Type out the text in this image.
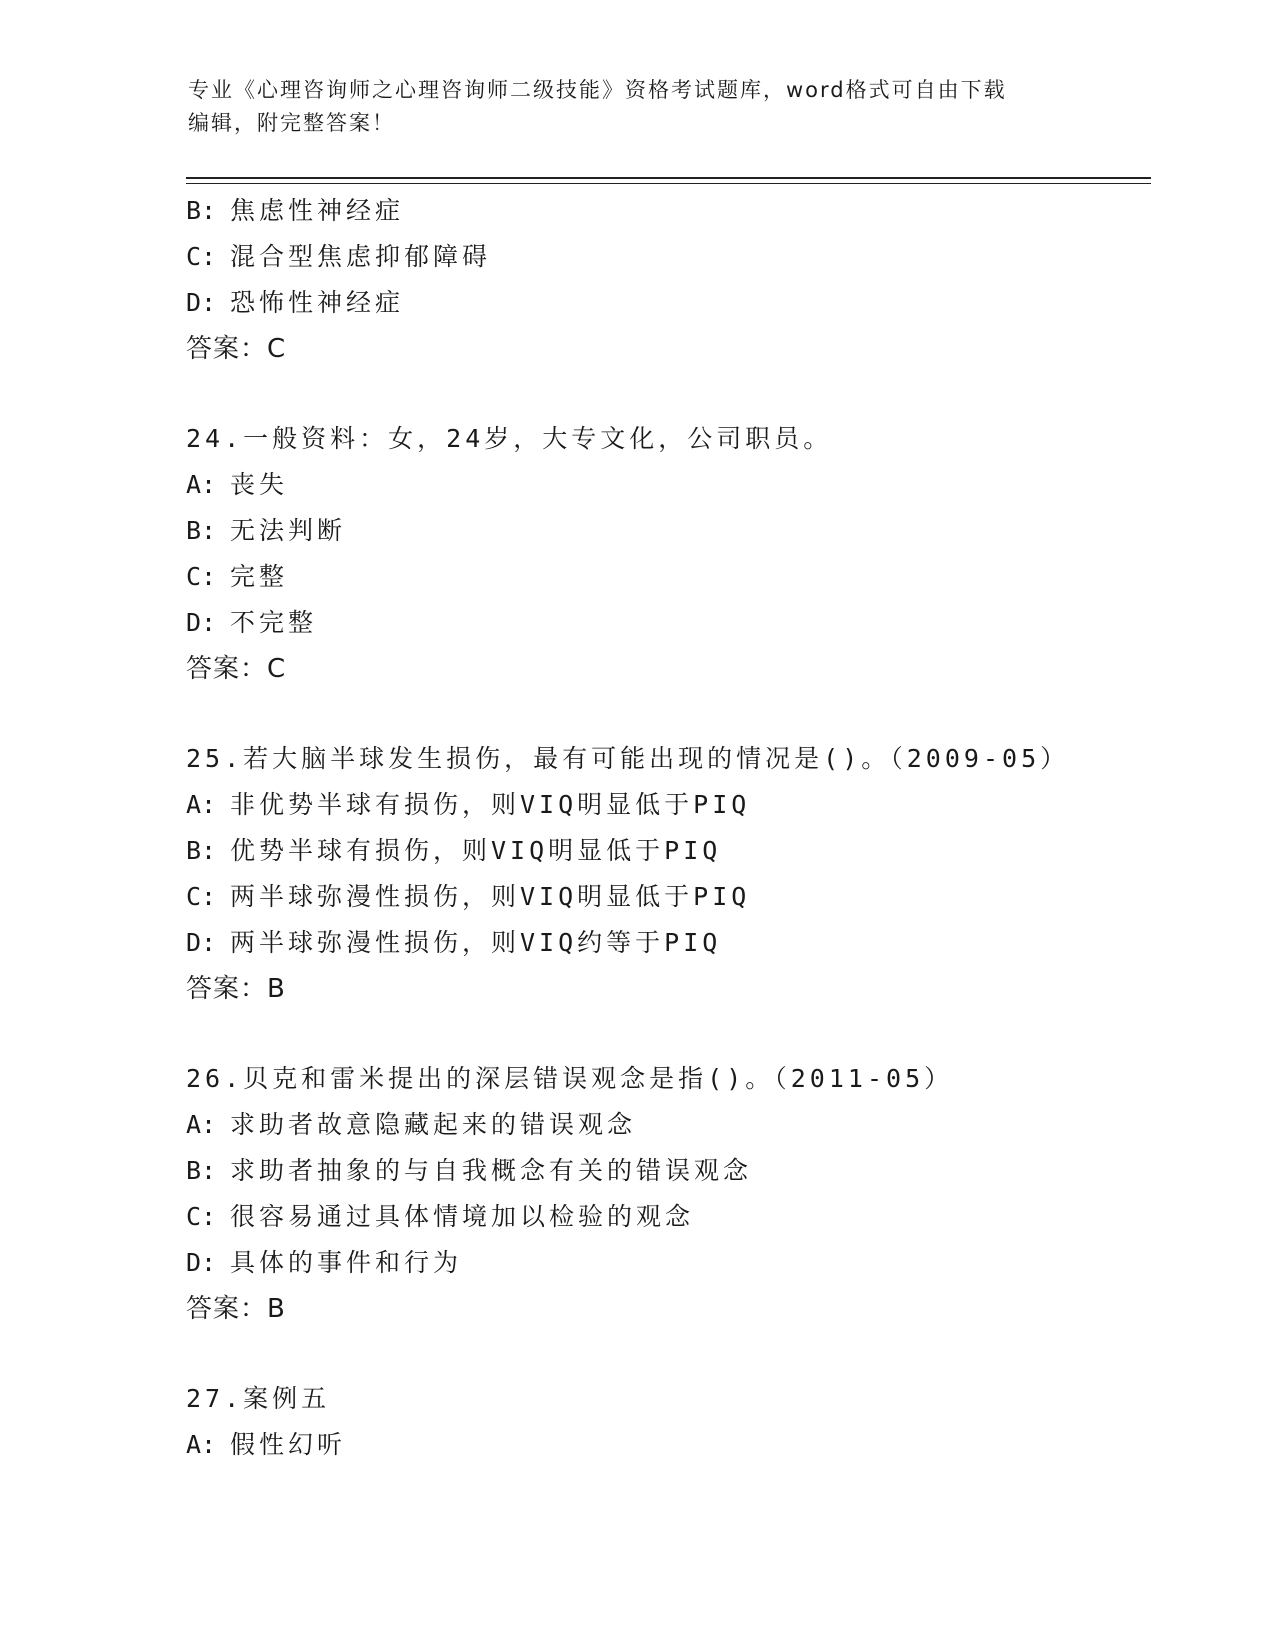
专业《心理咨询师之心理咨询师二级技能》资格考试题库，word格式可自由下载
编辑，附完整答案！
B: 焦虑性神经症
C: 混合型焦虑抑郁障碍
D: 恐怖性神经症
答案：C
24.一般资料：女，24岁，大专文化，公司职员。
A: 丧失
B: 无法判断
C: 完整
D: 不完整
答案：C
25.若大脑半球发生损伤，最有可能出现的情况是()。（2009-05）
A: 非优势半球有损伤，则VIQ明显低于PIQ
B: 优势半球有损伤，则VIQ明显低于PIQ
C: 两半球弥漫性损伤，则VIQ明显低于PIQ
D: 两半球弥漫性损伤，则VIQ约等于PIQ
答案：B
26.贝克和雷米提出的深层错误观念是指()。（2011-05）
A: 求助者故意隐藏起来的错误观念
B: 求助者抽象的与自我概念有关的错误观念
C: 很容易通过具体情境加以检验的观念
D: 具体的事件和行为
答案：B
27.案例五
A: 假性幻听
